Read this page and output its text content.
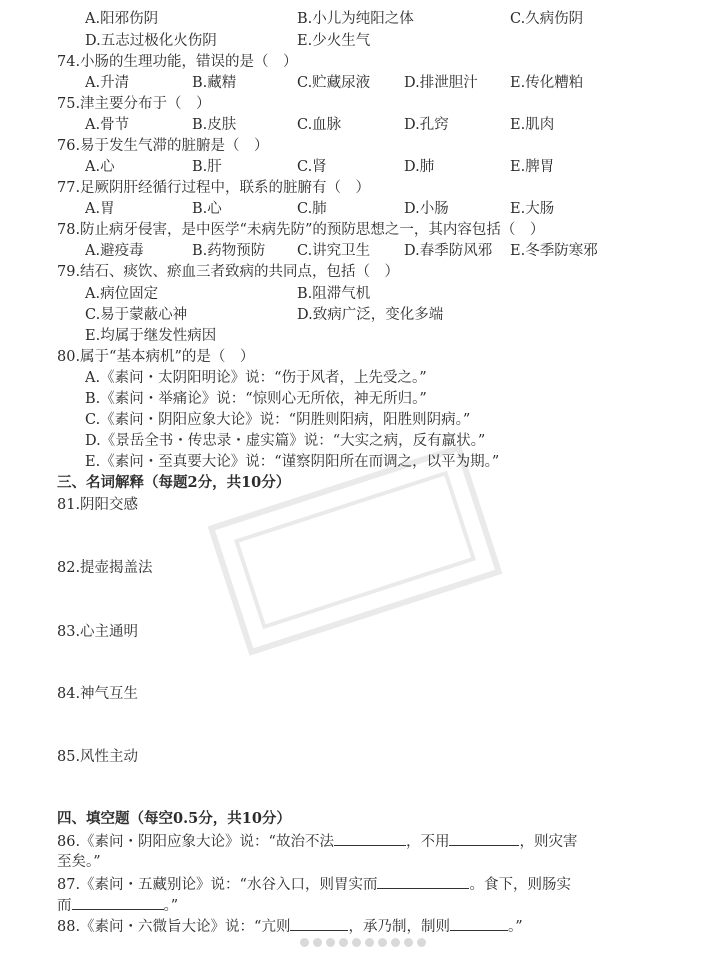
A.阳邪伤阴	B.小儿为纯阳之体	C.久病伤阴
D.五志过极化火伤阴	E.少火生气
74.小肠的生理功能，错误的是（　）
A.升清	B.藏精	C.贮藏尿液 D.排泄胆汁 E.传化糟粕
75.津主要分布于（　）
A.骨节	B.皮肤	C.血脉	D.孔窍	E.肌肉
76.易于发生气滞的脏腑是（　）
A.心	B.肝	C.肾	D.肺	E.脾胃
77.足厥阴肝经循行过程中，联系的脏腑有（　）
A.胃	B.心	C.肺	D.小肠	E.大肠
78.防止病牙侵害，是中医学“未病先防”的预防思想之一，其内容包括（　）
A.避疫毒	B.药物预防 C.讲究卫生 D.春季防风邪 E.冬季防寒邪
79.结石、痰饮、瘀血三者致病的共同点，包括（　）
A.病位固定	B.阻滞气机
C.易于蒙蔽心神	D.致病广泛，变化多端
E.均属于继发性病因
80.属于“基本病机”的是（　）
A.《素问・太阴阳明论》说：“伤于风者，上先受之。”
B.《素问・举痛论》说：“惊则心无所依，神无所归。”
C.《素问・阴阳应象大论》说：“阴胜则阳病，阳胜则阴病。”
D.《景岳全书・传忠录・虚实篇》说：“大实之病，反有羸状。”
E.《素问・至真要大论》说：“谨察阴阳所在而调之，以平为期。”
三、名词解释（每题2分，共10分）
81.阴阳交感
82.提壶揭盖法
83.心主通明
84.神气互生
85.风性主动
四、填空题（每空0.5分，共10分）
86.《素问・阴阳应象大论》说：“故治不法	，不用	，则灾害
至矣。”
87.《素问・五藏别论》说：“水谷入口，则胃实而	。食下，则肠实
而	。”
88.《素问・六微旨大论》说：“亢则	，承乃制，制则	。”
